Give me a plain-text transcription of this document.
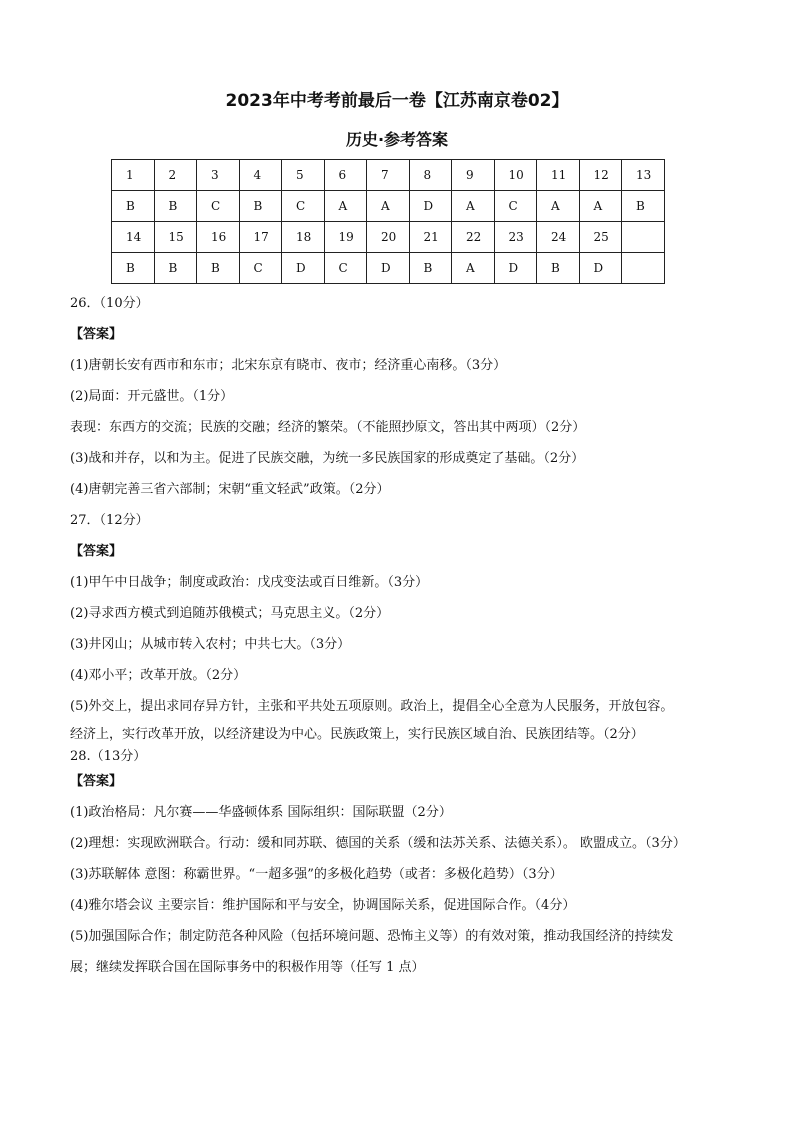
2023年中考考前最后一卷【江苏南京卷02】
历史·参考答案
1	2	3	4	5	6	7	8	9	10	11	12	13
B	B	C	B	C	A	A	D	A	C	A	A	B
14	15	16	17	18	19	20	21	22	23	24	25	
B	B	B	C	D	C	D	B	A	D	B	D	
26．（10分）
【答案】
(1)唐朝长安有西市和东市；北宋东京有晓市、夜市；经济重心南移。（3分）
(2)局面：开元盛世。（1分）
表现：东西方的交流；民族的交融；经济的繁荣。（不能照抄原文，答出其中两项）（2分）
(3)战和并存，以和为主。促进了民族交融，为统一多民族国家的形成奠定了基础。（2分）
(4)唐朝完善三省六部制；宋朝“重文轻武”政策。（2分）
27．（12分）
【答案】
(1)甲午中日战争；制度或政治：戊戌变法或百日维新。（3分）
(2)寻求西方模式到追随苏俄模式；马克思主义。（2分）
(3)井冈山；从城市转入农村；中共七大。（3分）
(4)邓小平；改革开放。（2分）
(5)外交上，提出求同存异方针，主张和平共处五项原则。政治上，提倡全心全意为人民服务，开放包容。
经济上，实行改革开放，以经济建设为中心。民族政策上，实行民族区域自治、民族团结等。（2分）
28.（13分）
【答案】
(1)政治格局：凡尔赛——华盛顿体系 国际组织：国际联盟（2分）
(2)理想：实现欧洲联合。行动：缓和同苏联、德国的关系（缓和法苏关系、法德关系）。 欧盟成立。（3分）
(3)苏联解体 意图：称霸世界。“一超多强”的多极化趋势（或者：多极化趋势）（3分）
(4)雅尔塔会议 主要宗旨：维护国际和平与安全，协调国际关系，促进国际合作。（4分）
(5)加强国际合作；制定防范各种风险（包括环境问题、恐怖主义等）的有效对策，推动我国经济的持续发
展；继续发挥联合国在国际事务中的积极作用等（任写 1 点）
